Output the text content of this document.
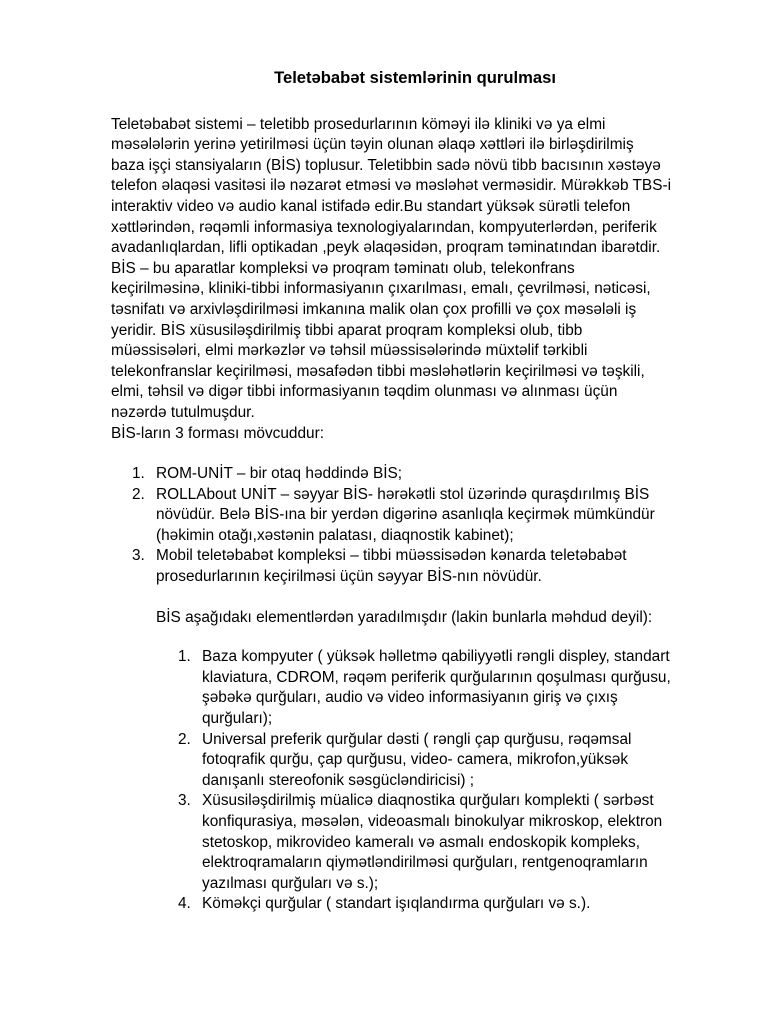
Teletəbabət sistemlərinin qurulması
Teletəbabət sistemi – teletibb prosedurlarının köməyi ilə kliniki və ya elmi
məsələlərin yerinə yetirilməsi üçün təyin olunan əlaqə xəttləri ilə birləşdirilmiş
baza işçi stansiyaların (BİS) toplusur. Teletibbin sadə növü tibb bacısının xəstəyə
telefon əlaqəsi vasitəsi ilə nəzarət etməsi və məsləhət verməsidir. Mürəkkəb TBS-i
interaktiv video və audio kanal istifadə edir.Bu standart yüksək sürətli telefon
xəttlərindən, rəqəmli informasiya texnologiyalarından, kompyuterlərdən, periferik
avadanlıqlardan, lifli optikadan ,peyk əlaqəsidən, proqram təminatından ibarətdir.
BİS – bu aparatlar kompleksi və proqram təminatı olub, telekonfrans
keçirilməsinə, kliniki-tibbi informasiyanın çıxarılması, emalı, çevrilməsi, nəticəsi,
təsnifatı və arxivləşdirilməsi imkanına malik olan çox profilli və çox məsələli iş
yeridir. BİS xüsusiləşdirilmiş tibbi aparat proqram kompleksi olub, tibb
müəssisələri, elmi mərkəzlər və təhsil müəssisələrində müxtəlif tərkibli
telekonfranslar keçirilməsi, məsafədən tibbi məsləhətlərin keçirilməsi və təşkili,
elmi, təhsil və digər tibbi informasiyanın təqdim olunması və alınması üçün
nəzərdə tutulmuşdur.
BİS-ların 3 forması mövcuddur:
1. ROM-UNİT – bir otaq həddində BİS;
2. ROLLAbout UNİT – səyyar BİS- hərəkətli stol üzərində quraşdırılmış BİS
növüdür. Belə BİS-ına bir yerdən digərinə asanlıqla keçirmək mümkündür
(həkimin otağı,xəstənin palatası, diaqnostik kabinet);
3. Mobil teletəbabət kompleksi – tibbi müəssisədən kənarda teletəbabət
prosedurlarının keçirilməsi üçün səyyar BİS-nın növüdür.
BİS aşağıdakı elementlərdən yaradılmışdır (lakin bunlarla məhdud deyil):
1. Baza kompyuter ( yüksək həlletmə qabiliyyətli rəngli displey, standart
klaviatura, CDROM, rəqəm periferik qurğularının qoşulması qurğusu,
şəbəkə qurğuları, audio və video informasiyanın giriş və çıxış
qurğuları);
2. Universal preferik qurğular dəsti ( rəngli çap qurğusu, rəqəmsal
fotoqrafik qurğu, çap qurğusu, video- camera, mikrofon,yüksək
danışanlı stereofonik səsgücləndiricisi) ;
3. Xüsusiləşdirilmiş müalicə diaqnostika qurğuları komplekti ( sərbəst
konfiqurasiya, məsələn, videoasmalı binokulyar mikroskop, elektron
stetoskop, mikrovideo kameralı və asmalı endoskopik kompleks,
elektroqramaların qiymətləndirilməsi qurğuları, rentgenoqramların
yazılması qurğuları və s.);
4. Köməkçi qurğular ( standart işıqlandırma qurğuları və s.).
